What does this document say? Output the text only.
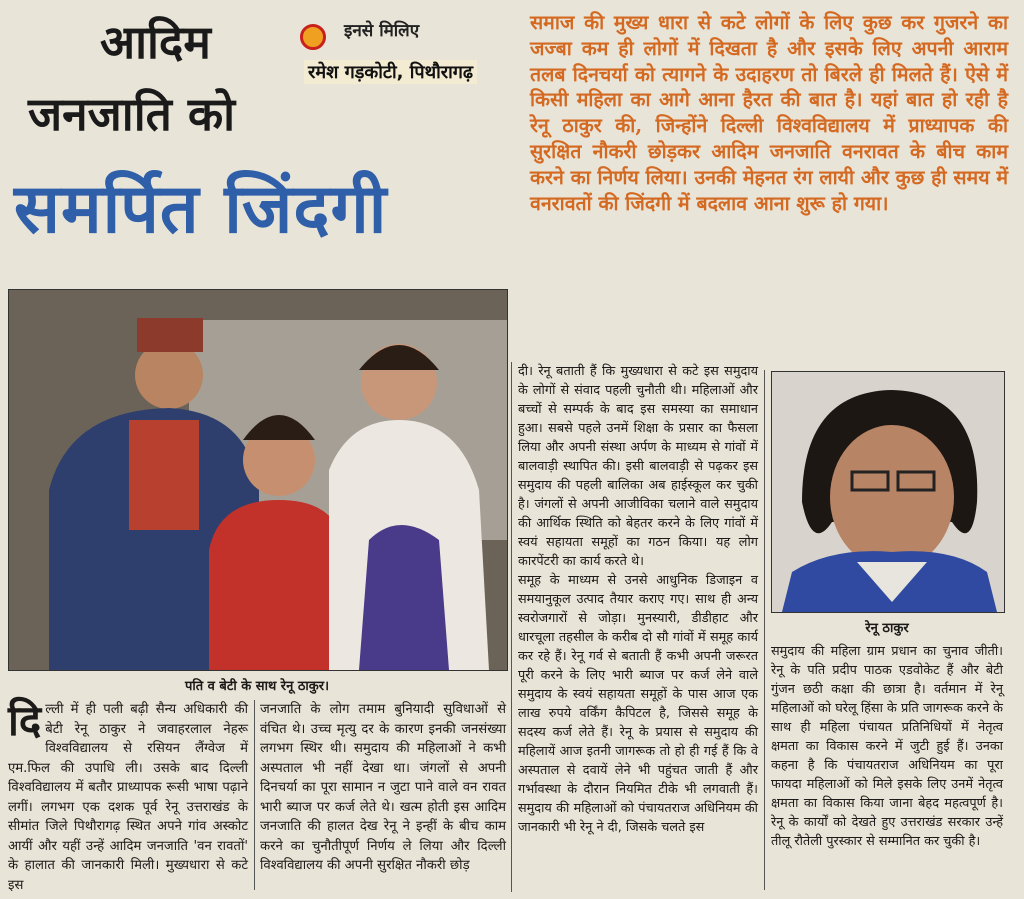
आदिम
जनजाति को
समर्पित जिंदगी
इनसे मिलिए
रमेश गड़कोटी, पिथौरागढ़
समाज की मुख्य धारा से कटे लोगों के लिए कुछ कर गुजरने का जज्बा कम ही लोगों में दिखता है और इसके लिए अपनी आराम तलब दिनचर्या को त्यागने के उदाहरण तो बिरले ही मिलते हैं। ऐसे में किसी महिला का आगे आना हैरत की बात है। यहां बात हो रही है रेनू ठाकुर की, जिन्होंने दिल्ली विश्वविद्यालय में प्राध्यापक की सुरक्षित नौकरी छोड़कर आदिम जनजाति वनरावत के बीच काम करने का निर्णय लिया। उनकी मेहनत रंग लायी और कुछ ही समय में वनरावतों की जिंदगी में बदलाव आना शुरू हो गया।
पति व बेटी के साथ रेनू ठाकुर।
रेनू ठाकुर

दिल्ली में ही पली बढ़ी सैन्य अधिकारी की बेटी रेनू ठाकुर ने जवाहरलाल नेहरू विश्वविद्यालय से रसियन लैंग्वेज में एम.फिल की उपाधि ली। उसके बाद दिल्ली विश्वविद्यालय में बतौर प्राध्यापक रूसी भाषा पढ़ाने लगीं। लगभग एक दशक पूर्व रेनू उत्तराखंड के सीमांत जिले पिथौरागढ़ स्थित अपने गांव अस्कोट आयीं और यहीं उन्हें आदिम जनजाति 'वन रावतों' के हालात की जानकारी मिली। मुख्यधारा से कटे इस

जनजाति के लोग तमाम बुनियादी सुविधाओं से वंचित थे। उच्च मृत्यु दर के कारण इनकी जनसंख्या लगभग स्थिर थी। समुदाय की महिलाओं ने कभी अस्पताल भी नहीं देखा था। जंगलों से अपनी दिनचर्या का पूरा सामान न जुटा पाने वाले वन रावत भारी ब्याज पर कर्ज लेते थे। खत्म होती इस आदिम जनजाति की हालत देख रेनू ने इन्हीं के बीच काम करने का चुनौतीपूर्ण निर्णय ले लिया और दिल्ली विश्वविद्यालय की अपनी सुरक्षित नौकरी छोड़

दी। रेनू बताती हैं कि मुख्यधारा से कटे इस समुदाय के लोगों से संवाद पहली चुनौती थी। महिलाओं और बच्चों से सम्पर्क के बाद इस समस्या का समाधान हुआ। सबसे पहले उनमें शिक्षा के प्रसार का फैसला लिया और अपनी संस्था अर्पण के माध्यम से गांवों में बालवाड़ी स्थापित की। इसी बालवाड़ी से पढ़कर इस समुदाय की पहली बालिका अब हाईस्कूल कर चुकी है। जंगलों से अपनी आजीविका चलाने वाले समुदाय की आर्थिक स्थिति को बेहतर करने के लिए गांवों में स्वयं सहायता समूहों का गठन किया। यह लोग कारपेंटरी का कार्य करते थे।

समूह के माध्यम से उनसे आधुनिक डिजाइन व समयानुकूल उत्पाद तैयार कराए गए। साथ ही अन्य स्वरोजगारों से जोड़ा। मुनस्यारी, डीडीहाट और धारचूला तहसील के करीब दो सौ गांवों में समूह कार्य कर रहे हैं। रेनू गर्व से बताती हैं कभी अपनी जरूरत पूरी करने के लिए भारी ब्याज पर कर्ज लेने वाले समुदाय के स्वयं सहायता समूहों के पास आज एक लाख रुपये वर्किंग कैपिटल है, जिससे समूह के सदस्य कर्ज लेते हैं। रेनू के प्रयास से समुदाय की महिलायें आज इतनी जागरूक तो हो ही गई हैं कि वे अस्पताल से दवायें लेने भी पहुंचत जाती हैं और गर्भावस्था के दौरान नियमित टीके भी लगवाती हैं। समुदाय की महिलाओं को पंचायतराज अधिनियम की जानकारी भी रेनू ने दी, जिसके चलते इस

समुदाय की महिला ग्राम प्रधान का चुनाव जीती। रेनू के पति प्रदीप पाठक एडवोकेट हैं और बेटी गुंजन छठी कक्षा की छात्रा है। वर्तमान में रेनू महिलाओं को घरेलू हिंसा के प्रति जागरूक करने के साथ ही महिला पंचायत प्रतिनिधियों में नेतृत्व क्षमता का विकास करने में जुटी हुई हैं। उनका कहना है कि पंचायतराज अधिनियम का पूरा फायदा महिलाओं को मिले इसके लिए उनमें नेतृत्व क्षमता का विकास किया जाना बेहद महत्वपूर्ण है। रेनू के कार्यों को देखते हुए उत्तराखंड सरकार उन्हें तीलू रौतेली पुरस्कार से सम्मानित कर चुकी है।
